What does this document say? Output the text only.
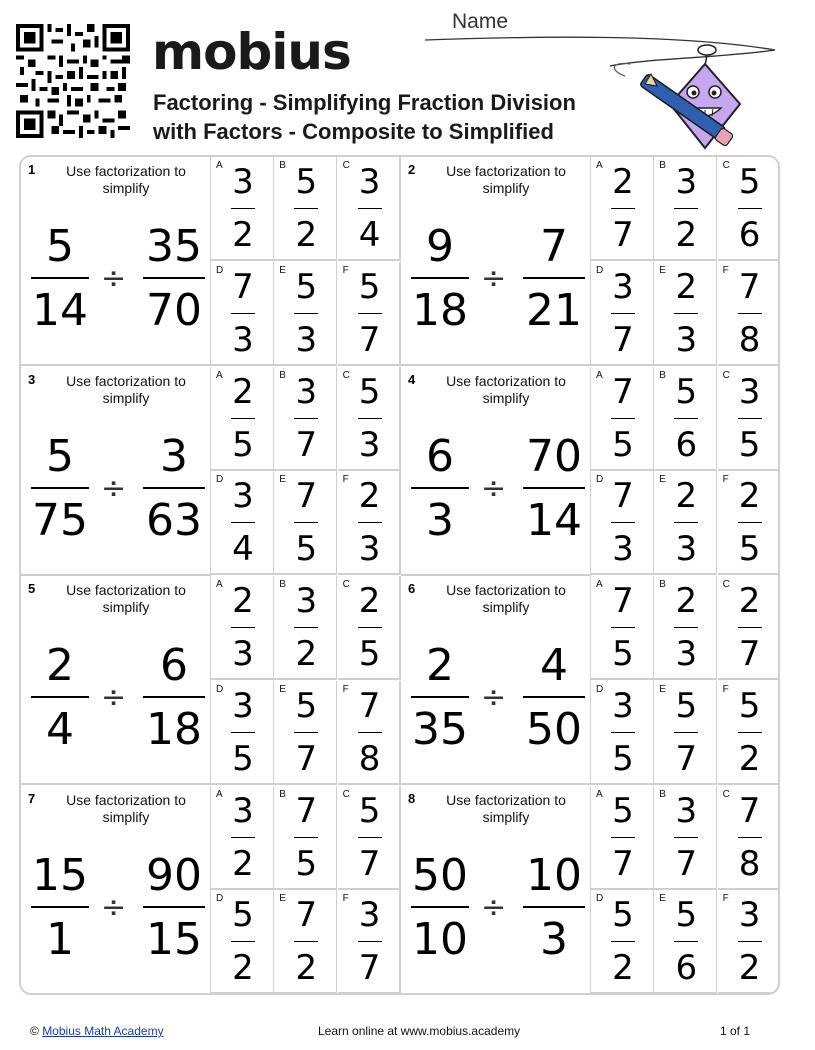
mobius
Factoring - Simplifying Fraction Division
with Factors - Composite to Simplified
Name
1	Use factorization to simplify
5
14
÷
35
70
A 3
2
B 5
2
C 3
4
D 7
3
E 5
3
F 5
7
2	Use factorization to simplify
9
18
÷
7
21
A 2
7
B 3
2
C 5
6
D 3
7
E 2
3
F 7
8
3	Use factorization to simplify
5
75
÷
3
63
A 2
5
B 3
7
C 5
3
D 3
4
E 7
5
F 2
3
4	Use factorization to simplify
6
3
÷
70
14
A 7
5
B 5
6
C 3
5
D 7
3
E 2
3
F 2
5
5	Use factorization to simplify
2
4
÷
6
18
A 2
3
B 3
2
C 2
5
D 3
5
E 5
7
F 7
8
6	Use factorization to simplify
2
35
÷
4
50
A 7
5
B 2
3
C 2
7
D 3
5
E 5
7
F 5
2
7	Use factorization to simplify
15
1
÷
90
15
A 3
2
B 7
5
C 5
7
D 5
2
E 7
2
F 3
7
8	Use factorization to simplify
50
10
÷
10
3
A 5
7
B 3
7
C 7
8
D 5
2
E 5
6
F 3
2
© Mobius Math Academy	Learn online at www.mobius.academy	1 of 1
